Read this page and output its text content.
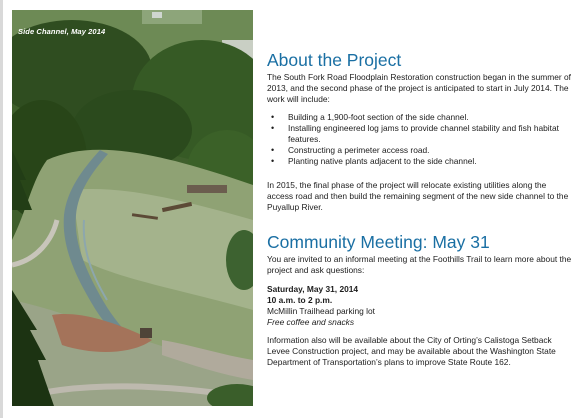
Side Channel, May 2014
About the Project

The South Fork Road Floodplain Restoration construction began in the summer of 2013, and the second phase of the project is anticipated to start in July 2014. The work will include:

• Building a 1,900-foot section of the side channel.
• Installing engineered log jams to provide channel stability and fish habitat features.
• Constructing a perimeter access road.
• Planting native plants adjacent to the side channel.

In 2015, the final phase of the project will relocate existing utilities along the access road and then build the remaining segment of the new side channel to the Puyallup River.

Community Meeting: May 31

You are invited to an informal meeting at the Foothills Trail to learn more about the project and ask questions:

Saturday, May 31, 2014
10 a.m. to 2 p.m.
McMillin Trailhead parking lot
Free coffee and snacks

Information also will be available about the City of Orting’s Calistoga Setback Levee Construction project, and may be available about the Washington State Department of Transportation’s plans to improve State Route 162.
